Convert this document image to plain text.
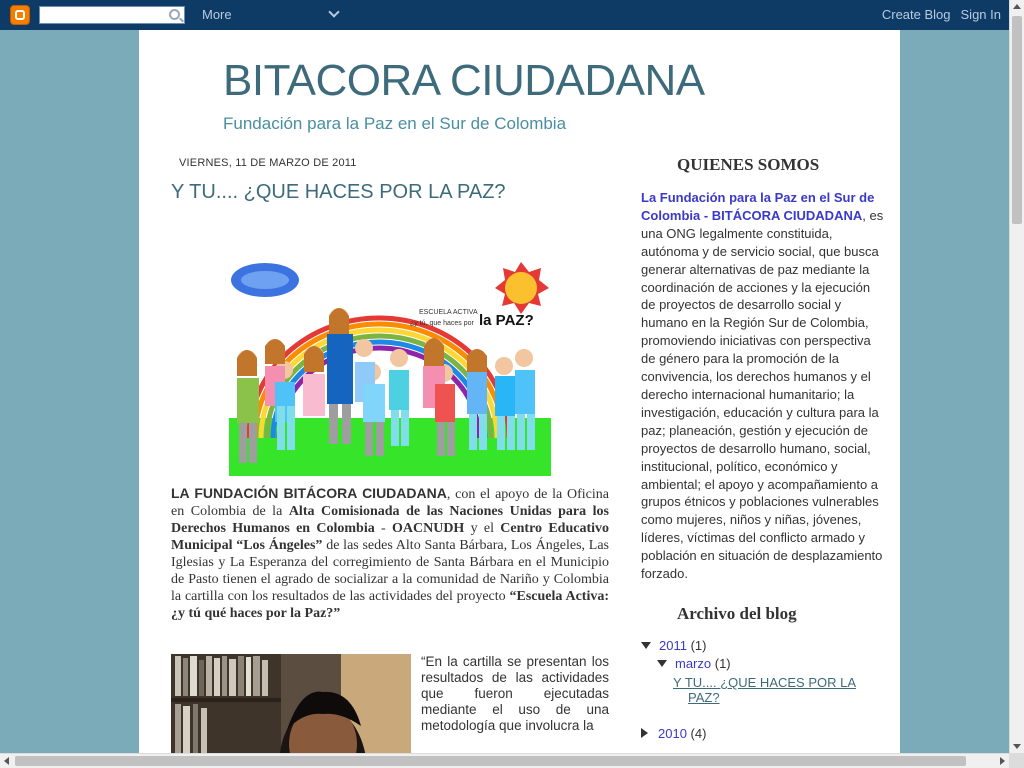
More	Create Blog Sign In
BITACORA CIUDADANA
Fundación para la Paz en el Sur de Colombia
VIERNES, 11 DE MARZO DE 2011
Y TU.... ¿QUE HACES POR LA PAZ?
ESCUELA ACTIVA
¿y tú, que haces por la PAZ?
LA FUNDACIÓN BITÁCORA CIUDADANA, con el apoyo de la Oficina en Colombia de la Alta Comisionada de las Naciones Unidas para los Derechos Humanos en Colombia - OACNUDH y el Centro Educativo Municipal “Los Ángeles” de las sedes Alto Santa Bárbara, Los Ángeles, Las Iglesias y La Esperanza del corregimiento de Santa Bárbara en el Municipio de Pasto tienen el agrado de socializar a la comunidad de Nariño y Colombia la cartilla con los resultados de las actividades del proyecto “Escuela Activa: ¿y tú qué haces por la Paz?”
“En la cartilla se presentan los resultados de las actividades que fueron ejecutadas mediante el uso de una metodología que involucra la
QUIENES SOMOS
La Fundación para la Paz en el Sur de Colombia - BITÁCORA CIUDADANA, es una ONG legalmente constituida, autónoma y de servicio social, que busca generar alternativas de paz mediante la coordinación de acciones y la ejecución de proyectos de desarrollo social y humano en la Región Sur de Colombia, promoviendo iniciativas con perspectiva de género para la promoción de la convivencia, los derechos humanos y el derecho internacional humanitario; la investigación, educación y cultura para la paz; planeación, gestión y ejecución de proyectos de desarrollo humano, social, institucional, político, económico y ambiental; el apoyo y acompañamiento a grupos étnicos y poblaciones vulnerables como mujeres, niños y niñas, jóvenes, líderes, víctimas del conflicto armado y población en situación de desplazamiento forzado.
Archivo del blog
2011 (1)
marzo (1)
Y TU.... ¿QUE HACES POR LA
PAZ?
2010 (4)
